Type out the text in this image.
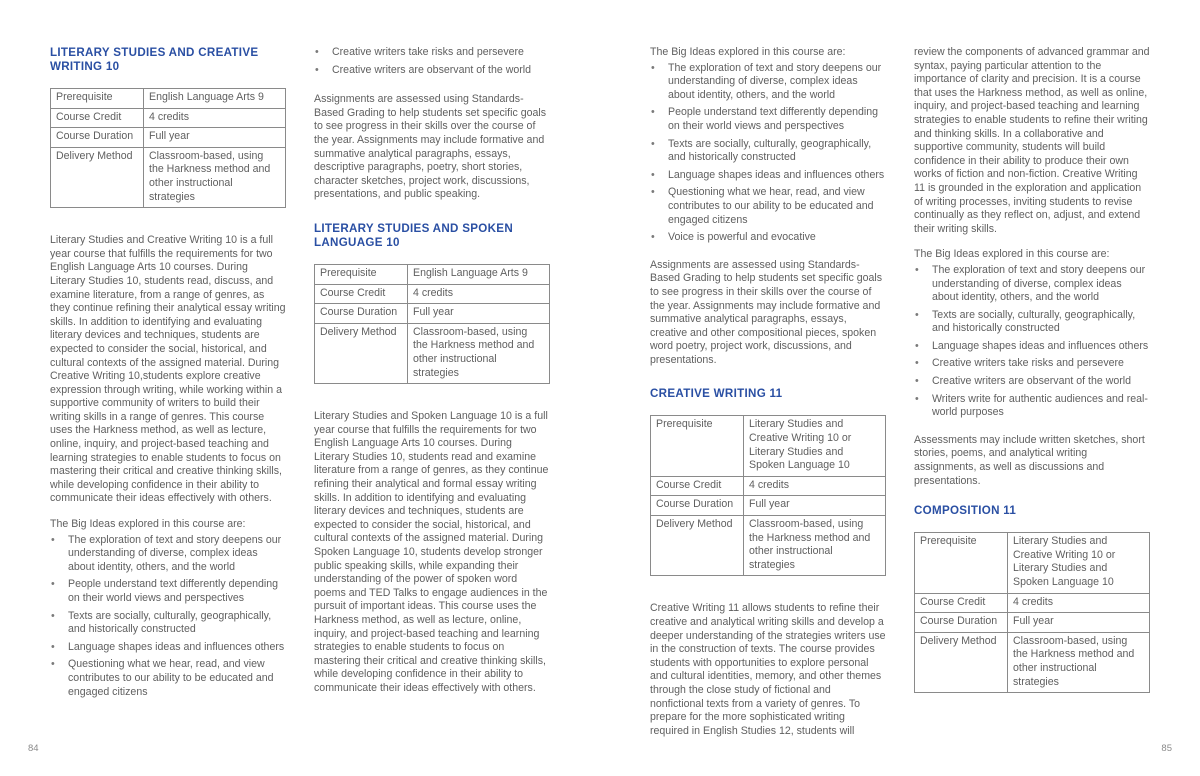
LITERARY STUDIES AND CREATIVE
WRITING 10
Prerequisite	English Language Arts 9
Course Credit	4 credits
Course Duration	Full year
Delivery Method	Classroom-based, using the Harkness method and other instructional strategies

Literary Studies and Creative Writing 10 is a full year course that fulfills the requirements for two English Language Arts 10 courses. During Literary Studies 10, students read, discuss, and examine literature, from a range of genres, as they continue refining their analytical essay writing skills. In addition to identifying and evaluating literary devices and techniques, students are expected to consider the social, historical, and cultural contexts of the assigned material. During Creative Writing 10,students explore creative expression through writing, while working within a supportive community of writers to build their writing skills in a range of genres. This course uses the Harkness method, as well as lecture, online, inquiry, and project-based teaching and learning strategies to enable students to focus on mastering their critical and creative thinking skills, while developing confidence in their ability to communicate their ideas effectively with others.

The Big Ideas explored in this course are:

• The exploration of text and story deepens our understanding of diverse, complex ideas about identity, others, and the world
• People understand text differently depending on their world views and perspectives
• Texts are socially, culturally, geographically, and historically constructed
• Language shapes ideas and influences others
• Questioning what we hear, read, and view contributes to our ability to be educated and engaged citizens
• Creative writers take risks and persevere
• Creative writers are observant of the world

Assignments are assessed using Standards-Based Grading to help students set specific goals to see progress in their skills over the course of the year. Assignments may include formative and summative analytical paragraphs, essays, descriptive paragraphs, poetry, short stories, character sketches, project work, discussions, presentations, and public speaking.

LITERARY STUDIES AND SPOKEN
LANGUAGE 10
Prerequisite	English Language Arts 9
Course Credit	4 credits
Course Duration	Full year
Delivery Method	Classroom-based, using the Harkness method and other instructional strategies

Literary Studies and Spoken Language 10 is a full year course that fulfills the requirements for two English Language Arts 10 courses. During Literary Studies 10, students read and examine literature from a range of genres, as they continue refining their analytical and formal essay writing skills. In addition to identifying and evaluating literary devices and techniques, students are expected to consider the social, historical, and cultural contexts of the assigned material. During Spoken Language 10, students develop stronger public speaking skills, while expanding their understanding of the power of spoken word poems and TED Talks to engage audiences in the pursuit of important ideas. This course uses the Harkness method, as well as lecture, online, inquiry, and project-based teaching and learning strategies to enable students to focus on mastering their critical and creative thinking skills, while developing confidence in their ability to communicate their ideas effectively with others.

The Big Ideas explored in this course are:

• The exploration of text and story deepens our understanding of diverse, complex ideas about identity, others, and the world
• People understand text differently depending on their world views and perspectives
• Texts are socially, culturally, geographically, and historically constructed
• Language shapes ideas and influences others
• Questioning what we hear, read, and view contributes to our ability to be educated and engaged citizens
• Voice is powerful and evocative

Assignments are assessed using Standards-Based Grading to help students set specific goals to see progress in their skills over the course of the year. Assignments may include formative and summative analytical paragraphs, essays, creative and other compositional pieces, spoken word poetry, project work, discussions, and presentations.

CREATIVE WRITING 11
Prerequisite	Literary Studies and Creative Writing 10 or Literary Studies and Spoken Language 10
Course Credit	4 credits
Course Duration	Full year
Delivery Method	Classroom-based, using the Harkness method and other instructional strategies

Creative Writing 11 allows students to refine their creative and analytical writing skills and develop a deeper understanding of the strategies writers use in the construction of texts. The course provides students with opportunities to explore personal and cultural identities, memory, and other themes through the close study of fictional and nonfictional texts from a variety of genres. To prepare for the more sophisticated writing required in English Studies 12, students will

review the components of advanced grammar and syntax, paying particular attention to the importance of clarity and precision. It is a course that uses the Harkness method, as well as online, inquiry, and project-based teaching and learning strategies to enable students to refine their writing and thinking skills. In a collaborative and supportive community, students will build confidence in their ability to produce their own works of fiction and non-fiction. Creative Writing 11 is grounded in the exploration and application of writing processes, inviting students to revise continually as they reflect on, adjust, and extend their writing skills.

The Big Ideas explored in this course are:

• The exploration of text and story deepens our understanding of diverse, complex ideas about identity, others, and the world
• Texts are socially, culturally, geographically, and historically constructed
• Language shapes ideas and influences others
• Creative writers take risks and persevere
• Creative writers are observant of the world
• Writers write for authentic audiences and real-world purposes

Assessments may include written sketches, short stories, poems, and analytical writing assignments, as well as discussions and presentations.

COMPOSITION 11
Prerequisite	Literary Studies and Creative Writing 10 or Literary Studies and Spoken Language 10
Course Credit	4 credits
Course Duration	Full year
Delivery Method	Classroom-based, using the Harkness method and other instructional strategies
84	85
